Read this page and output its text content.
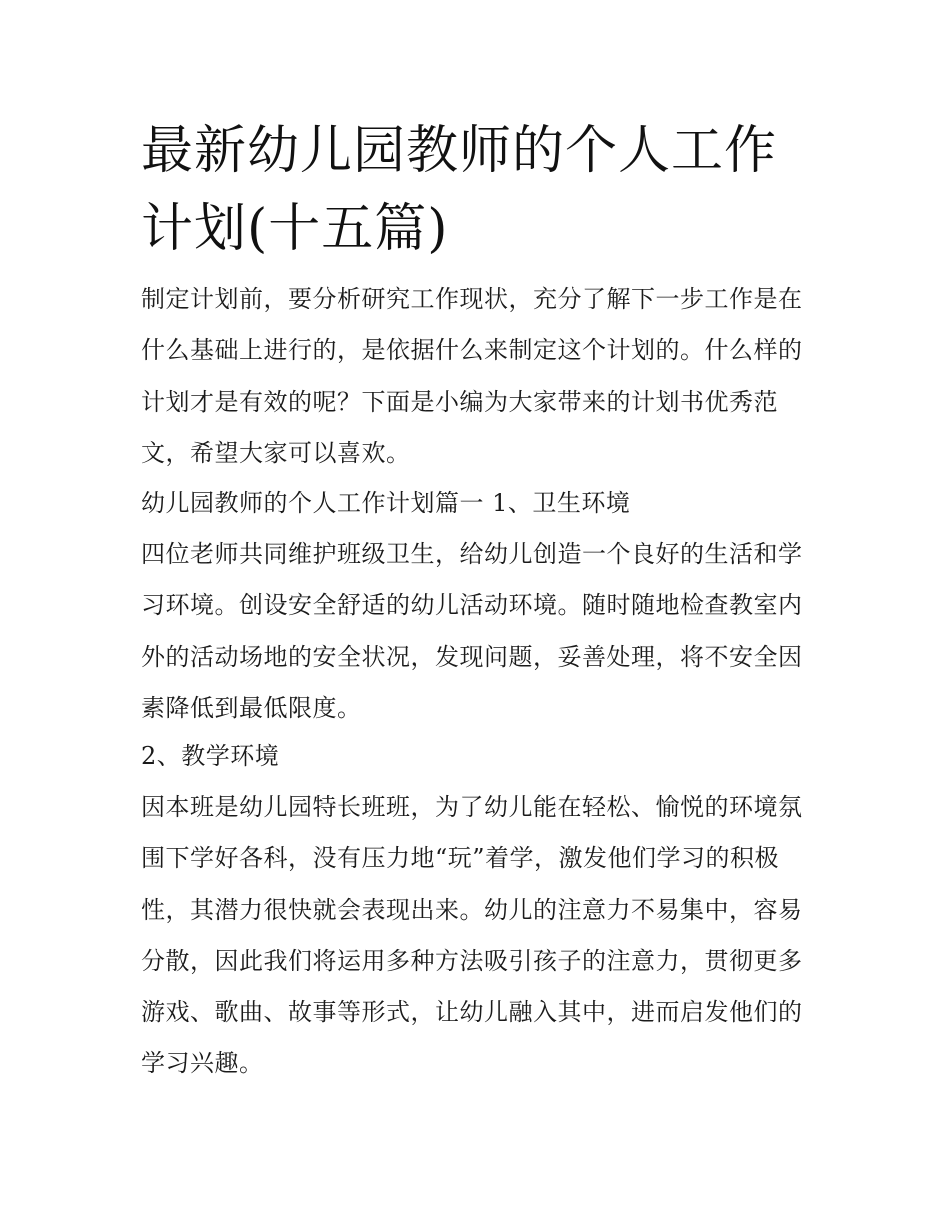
最新幼儿园教师的个人工作计划(十五篇)

制定计划前，要分析研究工作现状，充分了解下一步工作是在什么基础上进行的，是依据什么来制定这个计划的。什么样的计划才是有效的呢？下面是小编为大家带来的计划书优秀范文，希望大家可以喜欢。

幼儿园教师的个人工作计划篇一 1、卫生环境

四位老师共同维护班级卫生，给幼儿创造一个良好的生活和学习环境。创设安全舒适的幼儿活动环境。随时随地检查教室内外的活动场地的安全状况，发现问题，妥善处理，将不安全因素降低到最低限度。

2、教学环境

因本班是幼儿园特长班班，为了幼儿能在轻松、愉悦的环境氛围下学好各科，没有压力地“玩”着学，激发他们学习的积极性，其潜力很快就会表现出来。幼儿的注意力不易集中，容易分散，因此我们将运用多种方法吸引孩子的注意力，贯彻更多游戏、歌曲、故事等形式，让幼儿融入其中，进而启发他们的学习兴趣。
